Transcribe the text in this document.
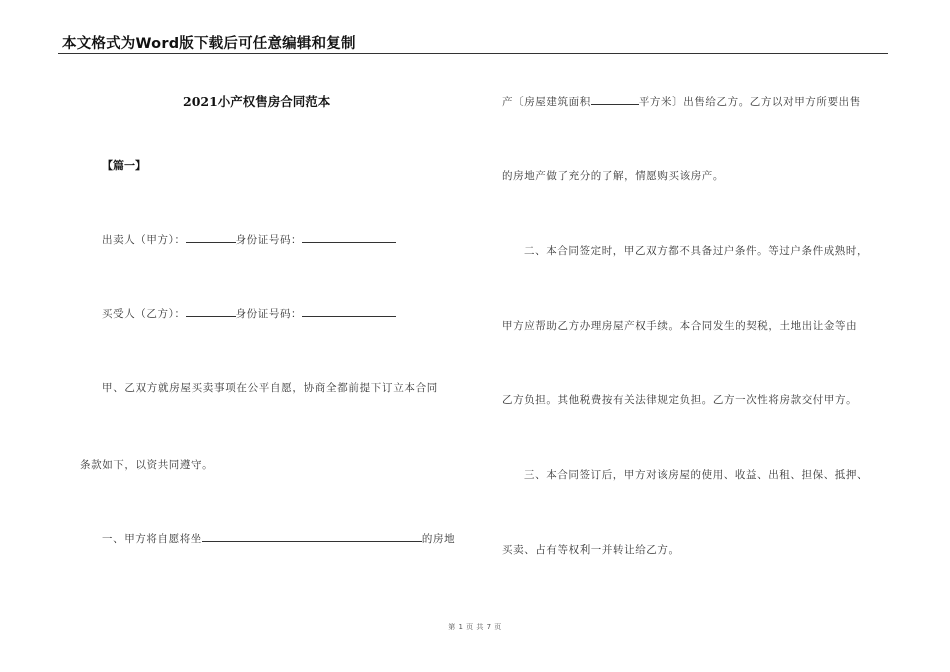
本文格式为Word版下载后可任意编辑和复制
2021小产权售房合同范本
【篇一】
出卖人（甲方）：	身份证号码：
买受人（乙方）：	身份证号码：
甲、乙双方就房屋买卖事项在公平自愿，协商全都前提下订立本合同
条款如下，以资共同遵守。
一、甲方将自愿将坐	的房地
产〔房屋建筑面积	平方米〕出售给乙方。乙方以对甲方所要出售
的房地产做了充分的了解，情愿购买该房产。
二、本合同签定时，甲乙双方都不具备过户条件。等过户条件成熟时，
甲方应帮助乙方办理房屋产权手续。本合同发生的契税，土地出让金等由
乙方负担。其他税费按有关法律规定负担。乙方一次性将房款交付甲方。
三、本合同签订后，甲方对该房屋的使用、收益、出租、担保、抵押、
买卖、占有等权利一并转让给乙方。
第 1 页 共 7 页
